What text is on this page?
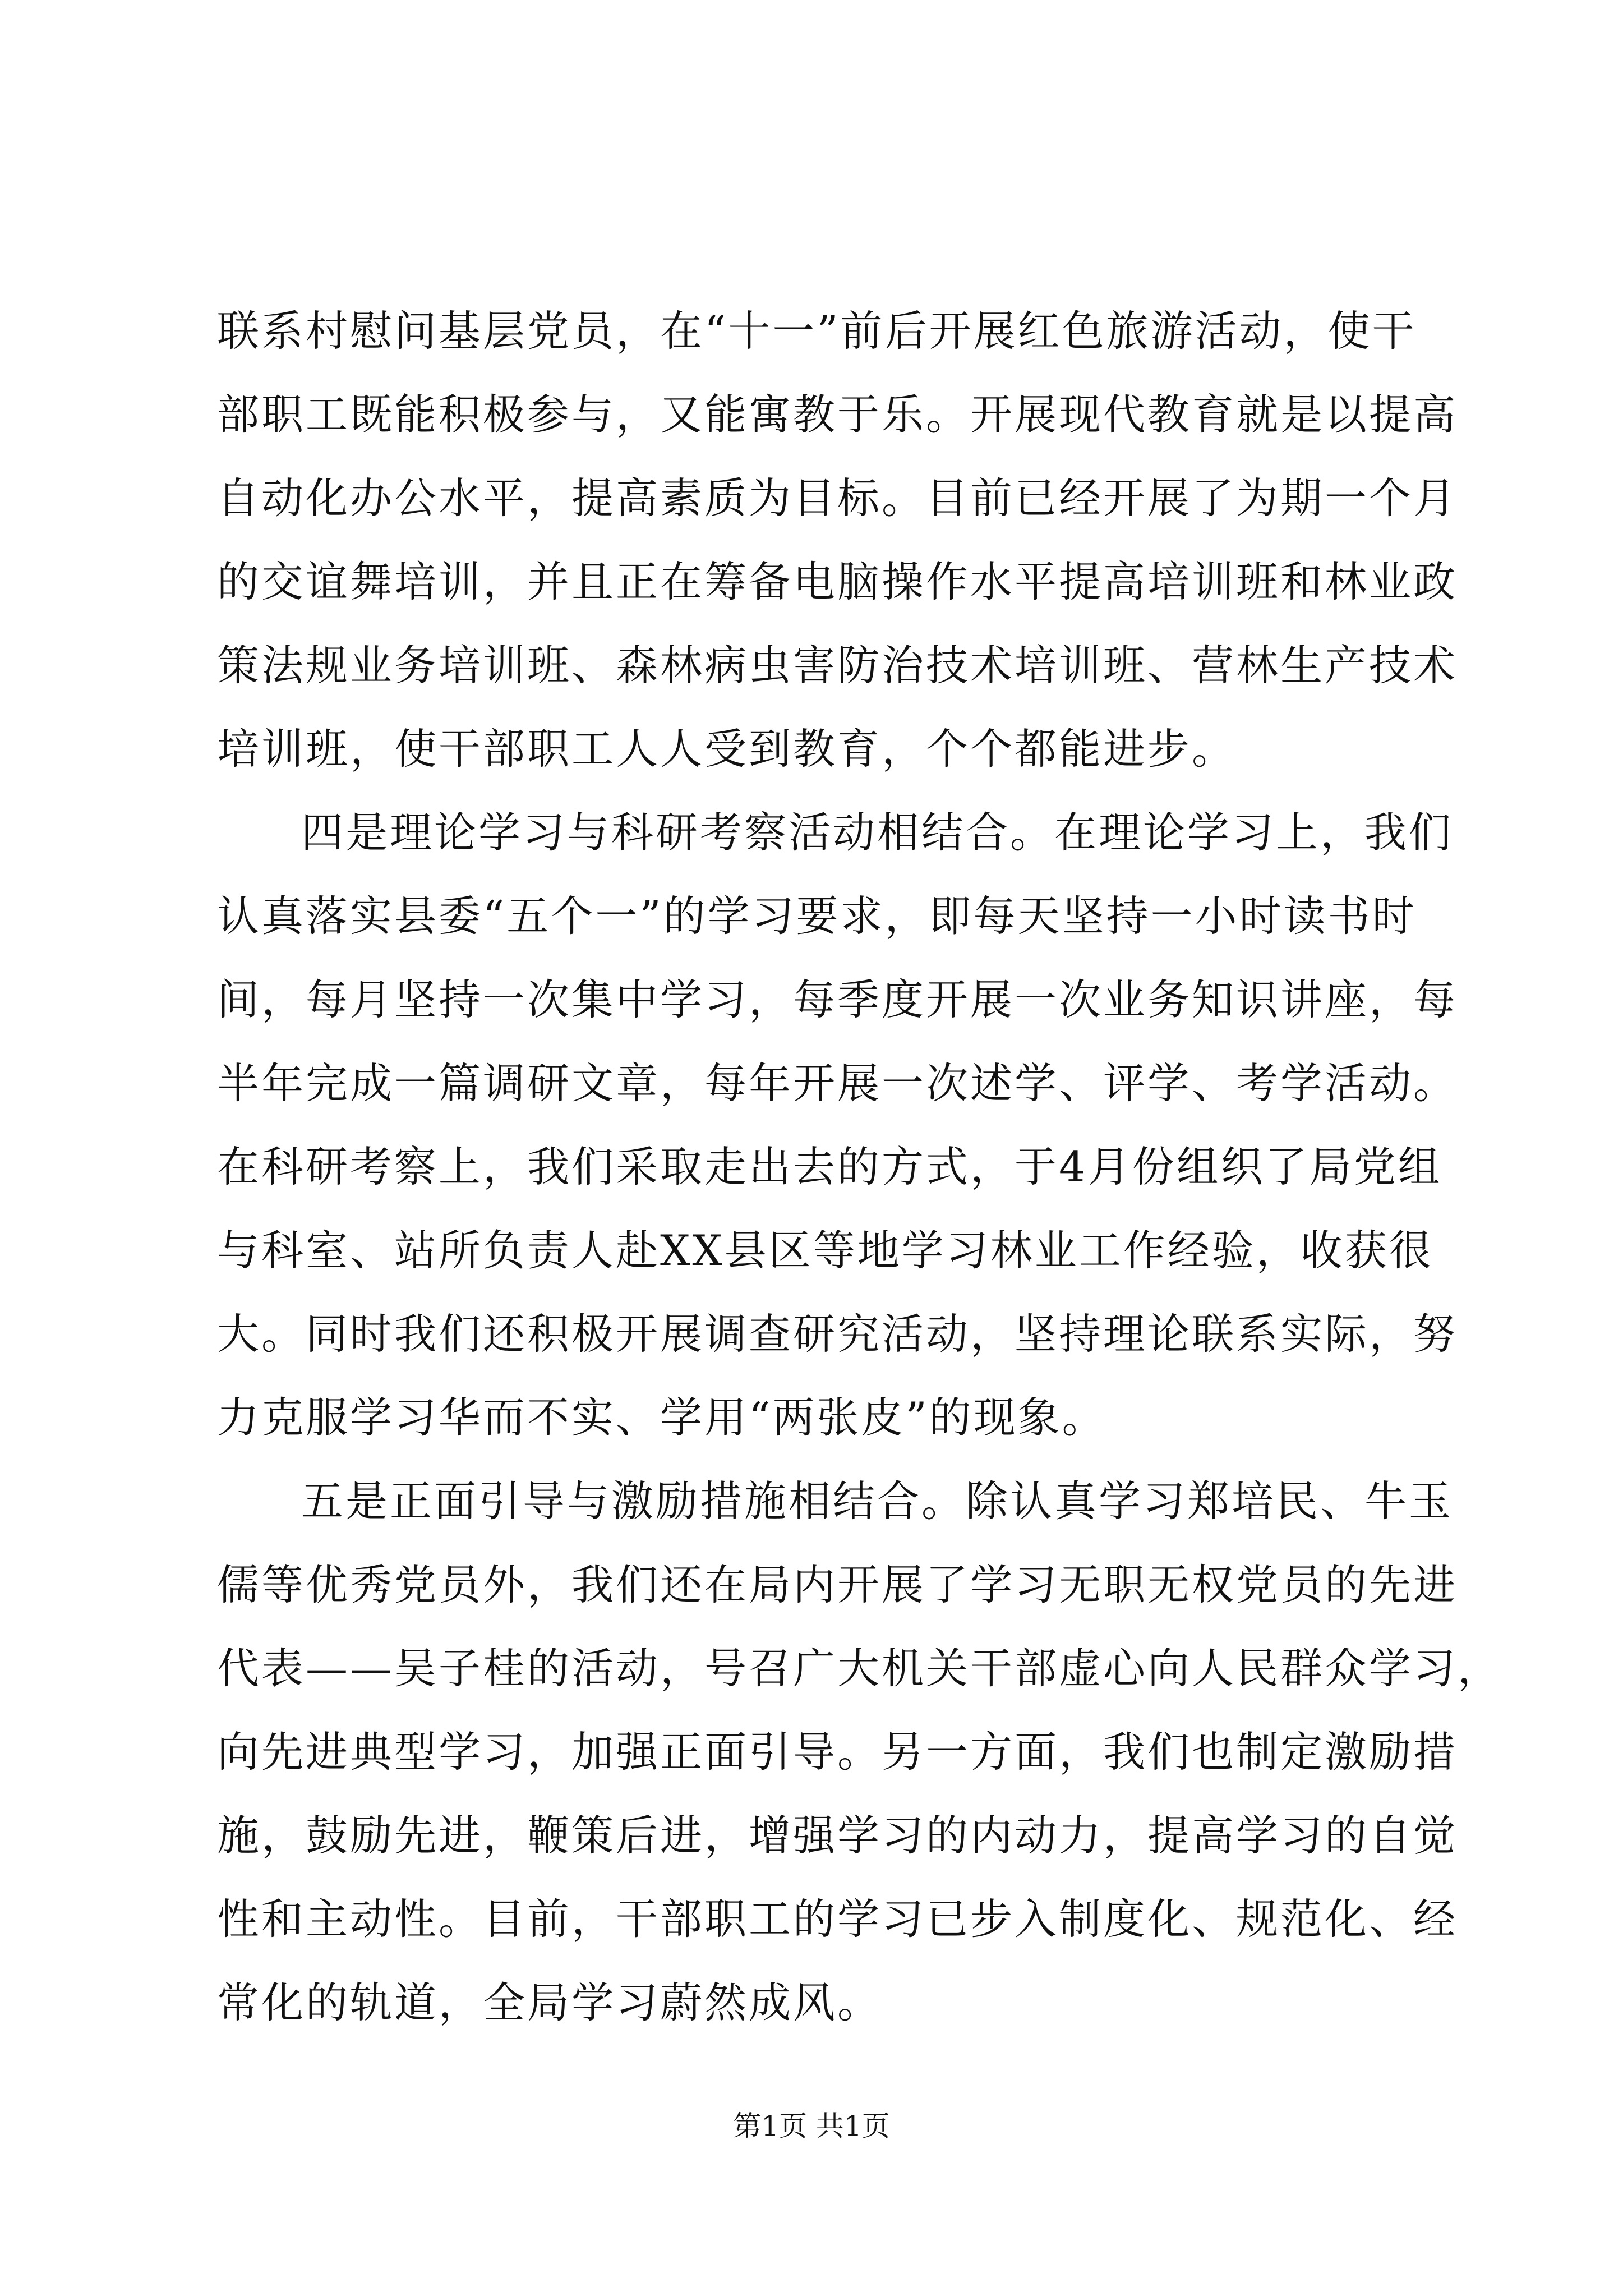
联系村慰问基层党员，在“十一”前后开展红色旅游活动，使干
部职工既能积极参与，又能寓教于乐。开展现代教育就是以提高
自动化办公水平，提高素质为目标。目前已经开展了为期一个月
的交谊舞培训，并且正在筹备电脑操作水平提高培训班和林业政
策法规业务培训班、森林病虫害防治技术培训班、营林生产技术
培训班，使干部职工人人受到教育，个个都能进步。
四是理论学习与科研考察活动相结合。在理论学习上，我们
认真落实县委“五个一”的学习要求，即每天坚持一小时读书时
间，每月坚持一次集中学习，每季度开展一次业务知识讲座，每
半年完成一篇调研文章，每年开展一次述学、评学、考学活动。
在科研考察上，我们采取走出去的方式，于4月份组织了局党组
与科室、站所负责人赴XX县区等地学习林业工作经验，收获很
大。同时我们还积极开展调查研究活动，坚持理论联系实际，努
力克服学习华而不实、学用“两张皮”的现象。
五是正面引导与激励措施相结合。除认真学习郑培民、牛玉
儒等优秀党员外，我们还在局内开展了学习无职无权党员的先进
代表——吴子桂的活动，号召广大机关干部虚心向人民群众学习，
向先进典型学习，加强正面引导。另一方面，我们也制定激励措
施，鼓励先进，鞭策后进，增强学习的内动力，提高学习的自觉
性和主动性。目前，干部职工的学习已步入制度化、规范化、经
常化的轨道，全局学习蔚然成风。
第1页 共1页
